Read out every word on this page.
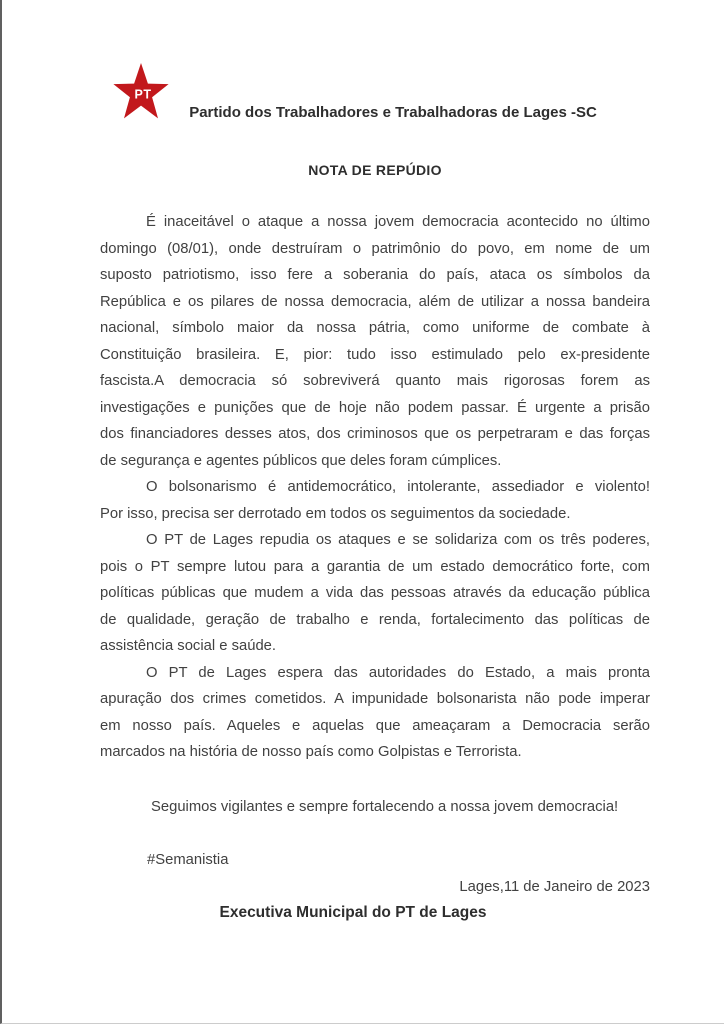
PT
Partido dos Trabalhadores e Trabalhadoras de Lages -SC
NOTA DE REPÚDIO
É inaceitável o ataque a nossa jovem democracia acontecido no último
domingo (08/01), onde destruíram o patrimônio do povo, em nome de um
suposto patriotismo, isso fere a soberania do país, ataca os símbolos da
República e os pilares de nossa democracia, além de utilizar a nossa bandeira
nacional, símbolo maior da nossa pátria, como uniforme de combate à
Constituição brasileira. E, pior: tudo isso estimulado pelo ex-presidente
fascista.A democracia só sobreviverá quanto mais rigorosas forem as
investigações e punições que de hoje não podem passar. É urgente a prisão
dos financiadores desses atos, dos criminosos que os perpetraram e das forças
de segurança e agentes públicos que deles foram cúmplices.
O bolsonarismo é antidemocrático, intolerante, assediador e violento!
Por isso, precisa ser derrotado em todos os seguimentos da sociedade.
O PT de Lages repudia os ataques e se solidariza com os três poderes,
pois o PT sempre lutou para a garantia de um estado democrático forte, com
políticas públicas que mudem a vida das pessoas através da educação pública
de qualidade, geração de trabalho e renda, fortalecimento das políticas de
assistência social e saúde.
O PT de Lages espera das autoridades do Estado, a mais pronta
apuração dos crimes cometidos. A impunidade bolsonarista não pode imperar
em nosso país. Aqueles e aquelas que ameaçaram a Democracia serão
marcados na história de nosso país como Golpistas e Terrorista.
Seguimos vigilantes e sempre fortalecendo a nossa jovem democracia!
#Semanistia
Lages,11 de Janeiro de 2023
Executiva Municipal do PT de Lages
